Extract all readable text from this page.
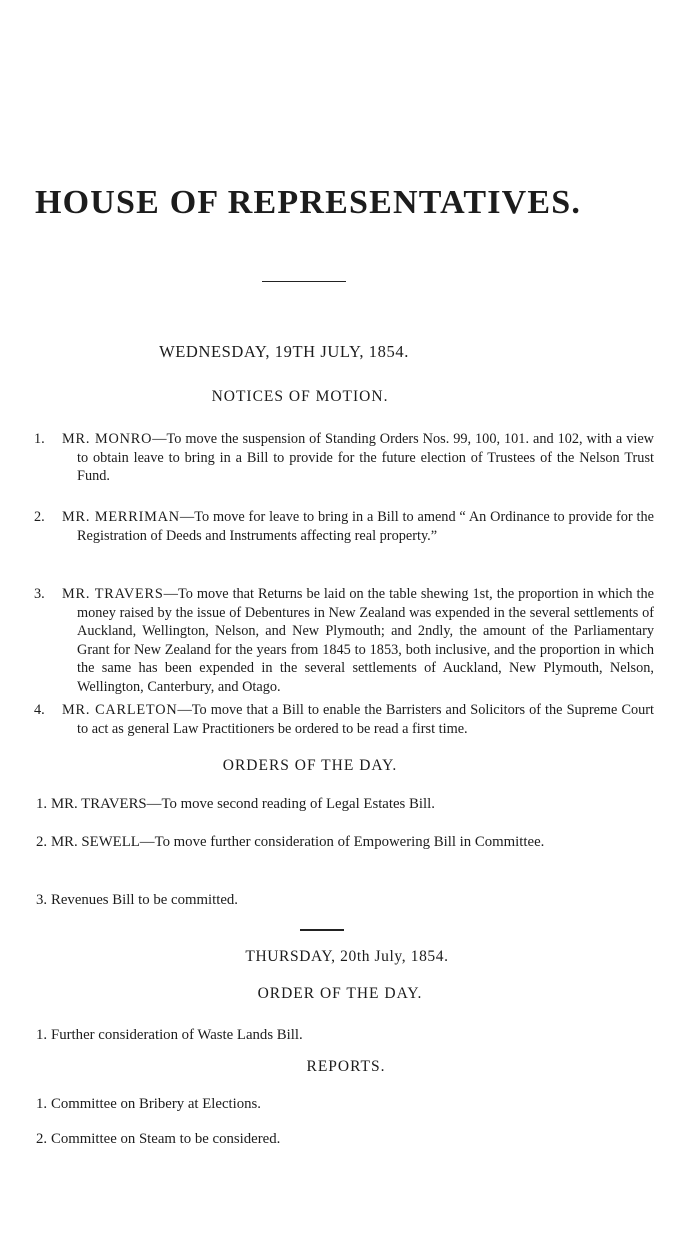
HOUSE OF REPRESENTATIVES.
WEDNESDAY, 19TH JULY, 1854.
NOTICES OF MOTION.
1. MR. MONRO—To move the suspension of Standing Orders Nos. 99, 100, 101. and 102, with a view to obtain leave to bring in a Bill to provide for the future election of Trustees of the Nelson Trust Fund.
2. MR. MERRIMAN—To move for leave to bring in a Bill to amend “ An Ordinance to provide for the Registration of Deeds and Instruments affecting real property.”
3. MR. TRAVERS—To move that Returns be laid on the table shewing 1st, the proportion in which the money raised by the issue of Debentures in New Zealand was expended in the several settlements of Auckland, Wellington, Nelson, and New Plymouth; and 2ndly, the amount of the Parliamentary Grant for New Zealand for the years from 1845 to 1853, both inclusive, and the proportion in which the same has been expended in the several settlements of Auckland, New Plymouth, Nelson, Wellington, Canterbury, and Otago.
4. MR. CARLETON—To move that a Bill to enable the Barristers and Solicitors of the Supreme Court to act as general Law Practitioners be ordered to be read a first time.
ORDERS OF THE DAY.
1. MR. TRAVERS—To move second reading of Legal Estates Bill.
2. MR. SEWELL—To move further consideration of Empowering Bill in Committee.
3. Revenues Bill to be committed.
THURSDAY, 20th July, 1854.
ORDER OF THE DAY.
1. Further consideration of Waste Lands Bill.
REPORTS.
1. Committee on Bribery at Elections.
2. Committee on Steam to be considered.
